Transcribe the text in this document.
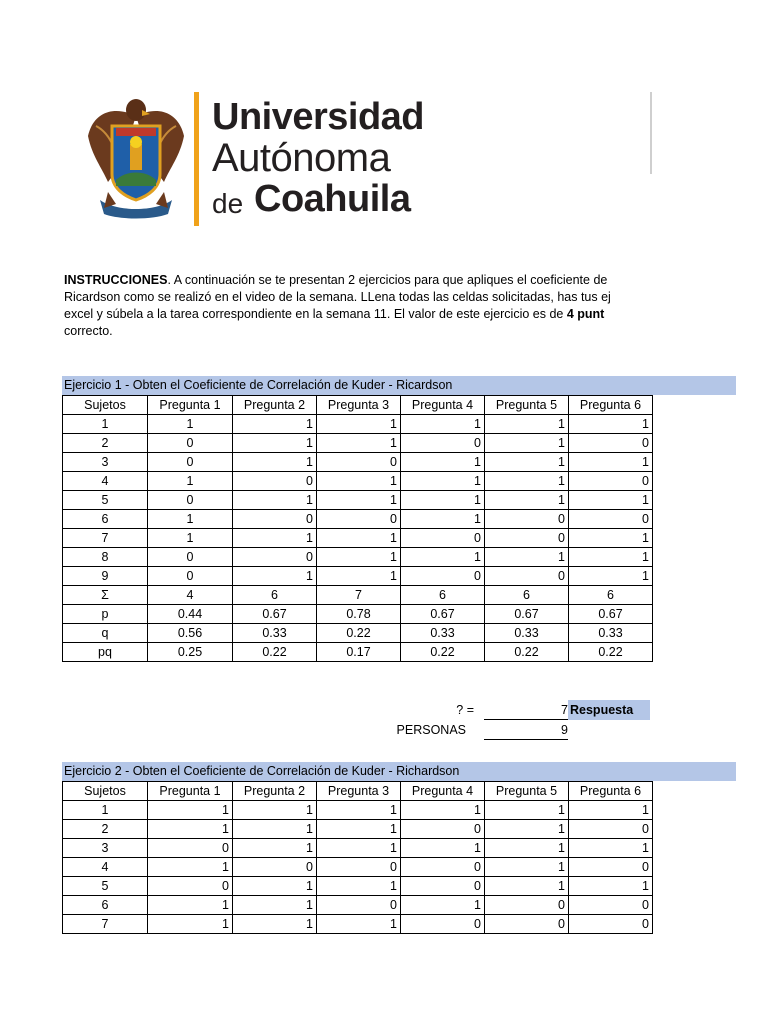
Universidad
Autónoma
de Coahuila
INSTRUCCIONES. A continuación se te presentan 2 ejercicios para que apliques el coeficiente de
Ricardson como se realizó en el video de la semana. LLena todas las celdas solicitadas, has tus ej
excel y súbela a la tarea correspondiente en la semana 11. El valor de este ejercicio es de 4 punt
correcto.
Ejercicio 1 - Obten el Coeficiente de Correlación de Kuder - Ricardson
Sujetos	Pregunta 1	Pregunta 2	Pregunta 3	Pregunta 4	Pregunta 5	Pregunta 6
1	1	1	1	1	1	1
2	0	1	1	0	1	0
3	0	1	0	1	1	1
4	1	0	1	1	1	0
5	0	1	1	1	1	1
6	1	0	0	1	0	0
7	1	1	1	0	0	1
8	0	0	1	1	1	1
9	0	1	1	0	0	1
Σ	4	6	7	6	6	6
p	0.44	0.67	0.78	0.67	0.67	0.67
q	0.56	0.33	0.22	0.33	0.33	0.33
pq	0.25	0.22	0.17	0.22	0.22	0.22
? =	7 Respuesta
PERSONAS	9
Ejercicio 2 - Obten el Coeficiente de Correlación de Kuder - Richardson
Sujetos	Pregunta 1	Pregunta 2	Pregunta 3	Pregunta 4	Pregunta 5	Pregunta 6
1	1	1	1	1	1	1
2	1	1	1	0	1	0
3	0	1	1	1	1	1
4	1	0	0	0	1	0
5	0	1	1	0	1	1
6	1	1	0	1	0	0
7	1	1	1	0	0	0
